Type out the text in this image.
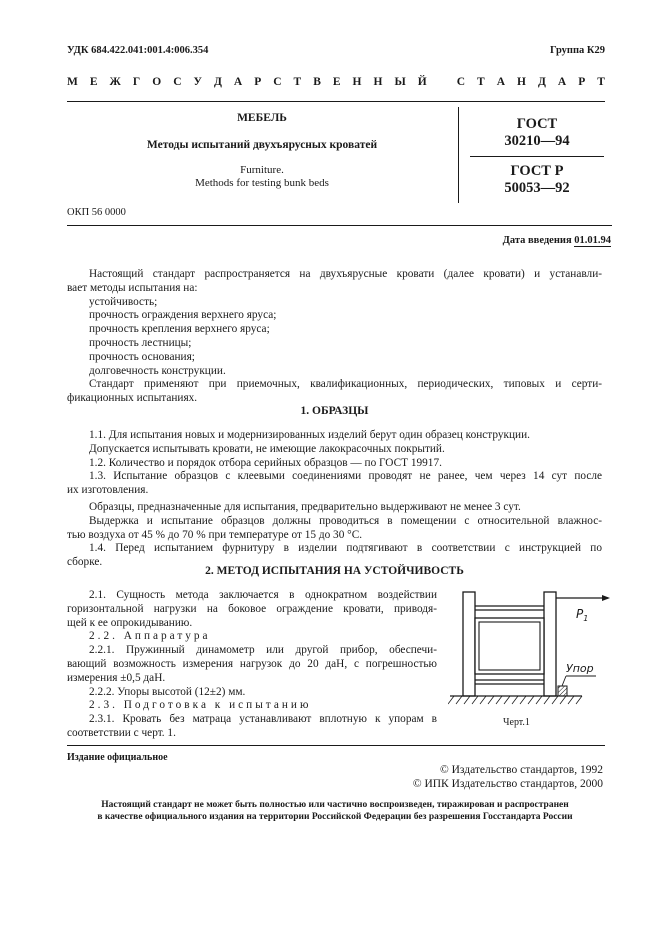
УДК 684.422.041:001.4:006.354	Группа К29
М Е Ж Г О С У Д А Р С Т В Е Н Н Ы Й	С Т А Н Д А Р Т
МЕБЕЛЬ
Методы испытаний двухъярусных кроватей
Furniture.
Methods for testing bunk beds
ГОСТ
30210—94
ГОСТ Р
50053—92
ОКП 56 0000
Дата введения 01.01.94
Настоящий стандарт распространяется на двухъярусные кровати (далее кровати) и устанавли-
вает методы испытания на:
устойчивость;
прочность ограждения верхнего яруса;
прочность крепления верхнего яруса;
прочность лестницы;
прочность основания;
долговечность конструкции.
Стандарт применяют при приемочных, квалификационных, периодических, типовых и серти-
фикационных испытаниях.
1. ОБРАЗЦЫ
1.1. Для испытания новых и модернизированных изделий берут один образец конструкции.
Допускается испытывать кровати, не имеющие лакокрасочных покрытий.
1.2. Количество и порядок отбора серийных образцов — по ГОСТ 19917.
1.3. Испытание образцов с клеевыми соединениями проводят не ранее, чем через 14 сут после
их изготовления.
Образцы, предназначенные для испытания, предварительно выдерживают не менее 3 сут.
Выдержка и испытание образцов должны проводиться в помещении с относительной влажнос-
тью воздуха от 45 % до 70 % при температуре от 15 до 30 °С.
1.4. Перед испытанием фурнитуру в изделии подтягивают в соответствии с инструкцией по
сборке.
2. МЕТОД ИСПЫТАНИЯ НА УСТОЙЧИВОСТЬ
2.1. Сущность метода заключается в однократном воздействии
горизонтальной нагрузки на боковое ограждение кровати, приводя-
щей к ее опрокидыванию.
2.2. Аппаратура
2.2.1. Пружинный динамометр или другой прибор, обеспечи-
вающий возможность измерения нагрузок до 20 даН, с погрешностью
измерения ±0,5 даН.
2.2.2. Упоры высотой (12±2) мм.
2.3. Подготовка к испытанию
2.3.1. Кровать без матраца устанавливают вплотную к упорам в
соответствии с черт. 1.
$P_1$
Упор
Черт.1
Издание официальное
© Издательство стандартов, 1992
© ИПК Издательство стандартов, 2000
Настоящий стандарт не может быть полностью или частично воспроизведен, тиражирован и распространен
в качестве официального издания на территории Российской Федерации без разрешения Госстандарта России
